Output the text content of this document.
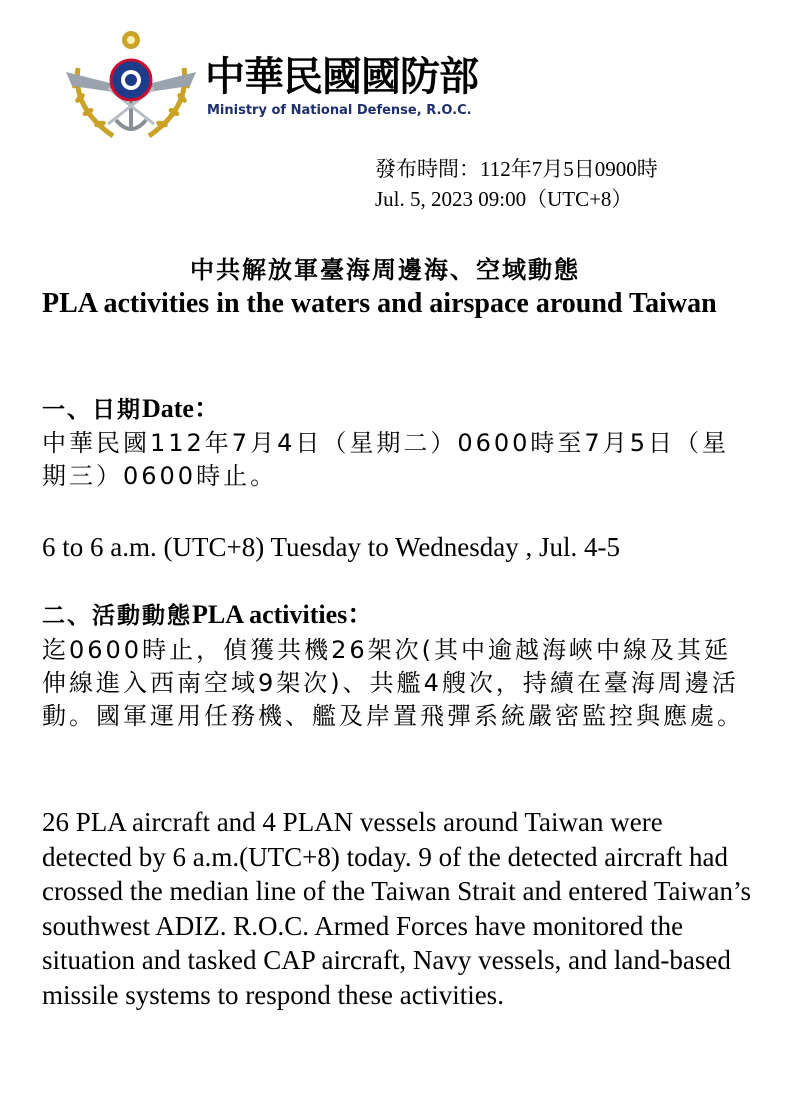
中華民國國防部
Ministry of National Defense, R.O.C.
發布時間：112年7月5日0900時
Jul. 5, 2023 09:00（UTC+8）
中共解放軍臺海周邊海、空域動態
PLA activities in the waters and airspace around Taiwan
一、日期Date：

中華民國112年7月4日（星期二）0600時至7月5日（星期三）0600時止。

6 to 6 a.m. (UTC+8) Tuesday to Wednesday , Jul. 4-5

二、活動動態PLA activities：

迄0600時止，偵獲共機26架次(其中逾越海峽中線及其延伸線進入西南空域9架次)、共艦4艘次，持續在臺海周邊活動。國軍運用任務機、艦及岸置飛彈系統嚴密監控與應處。

26 PLA aircraft and 4 PLAN vessels around Taiwan were detected by 6 a.m.(UTC+8) today. 9 of the detected aircraft had crossed the median line of the Taiwan Strait and entered Taiwan’s southwest ADIZ. R.O.C. Armed Forces have monitored the situation and tasked CAP aircraft, Navy vessels, and land-based missile systems to respond these activities.
